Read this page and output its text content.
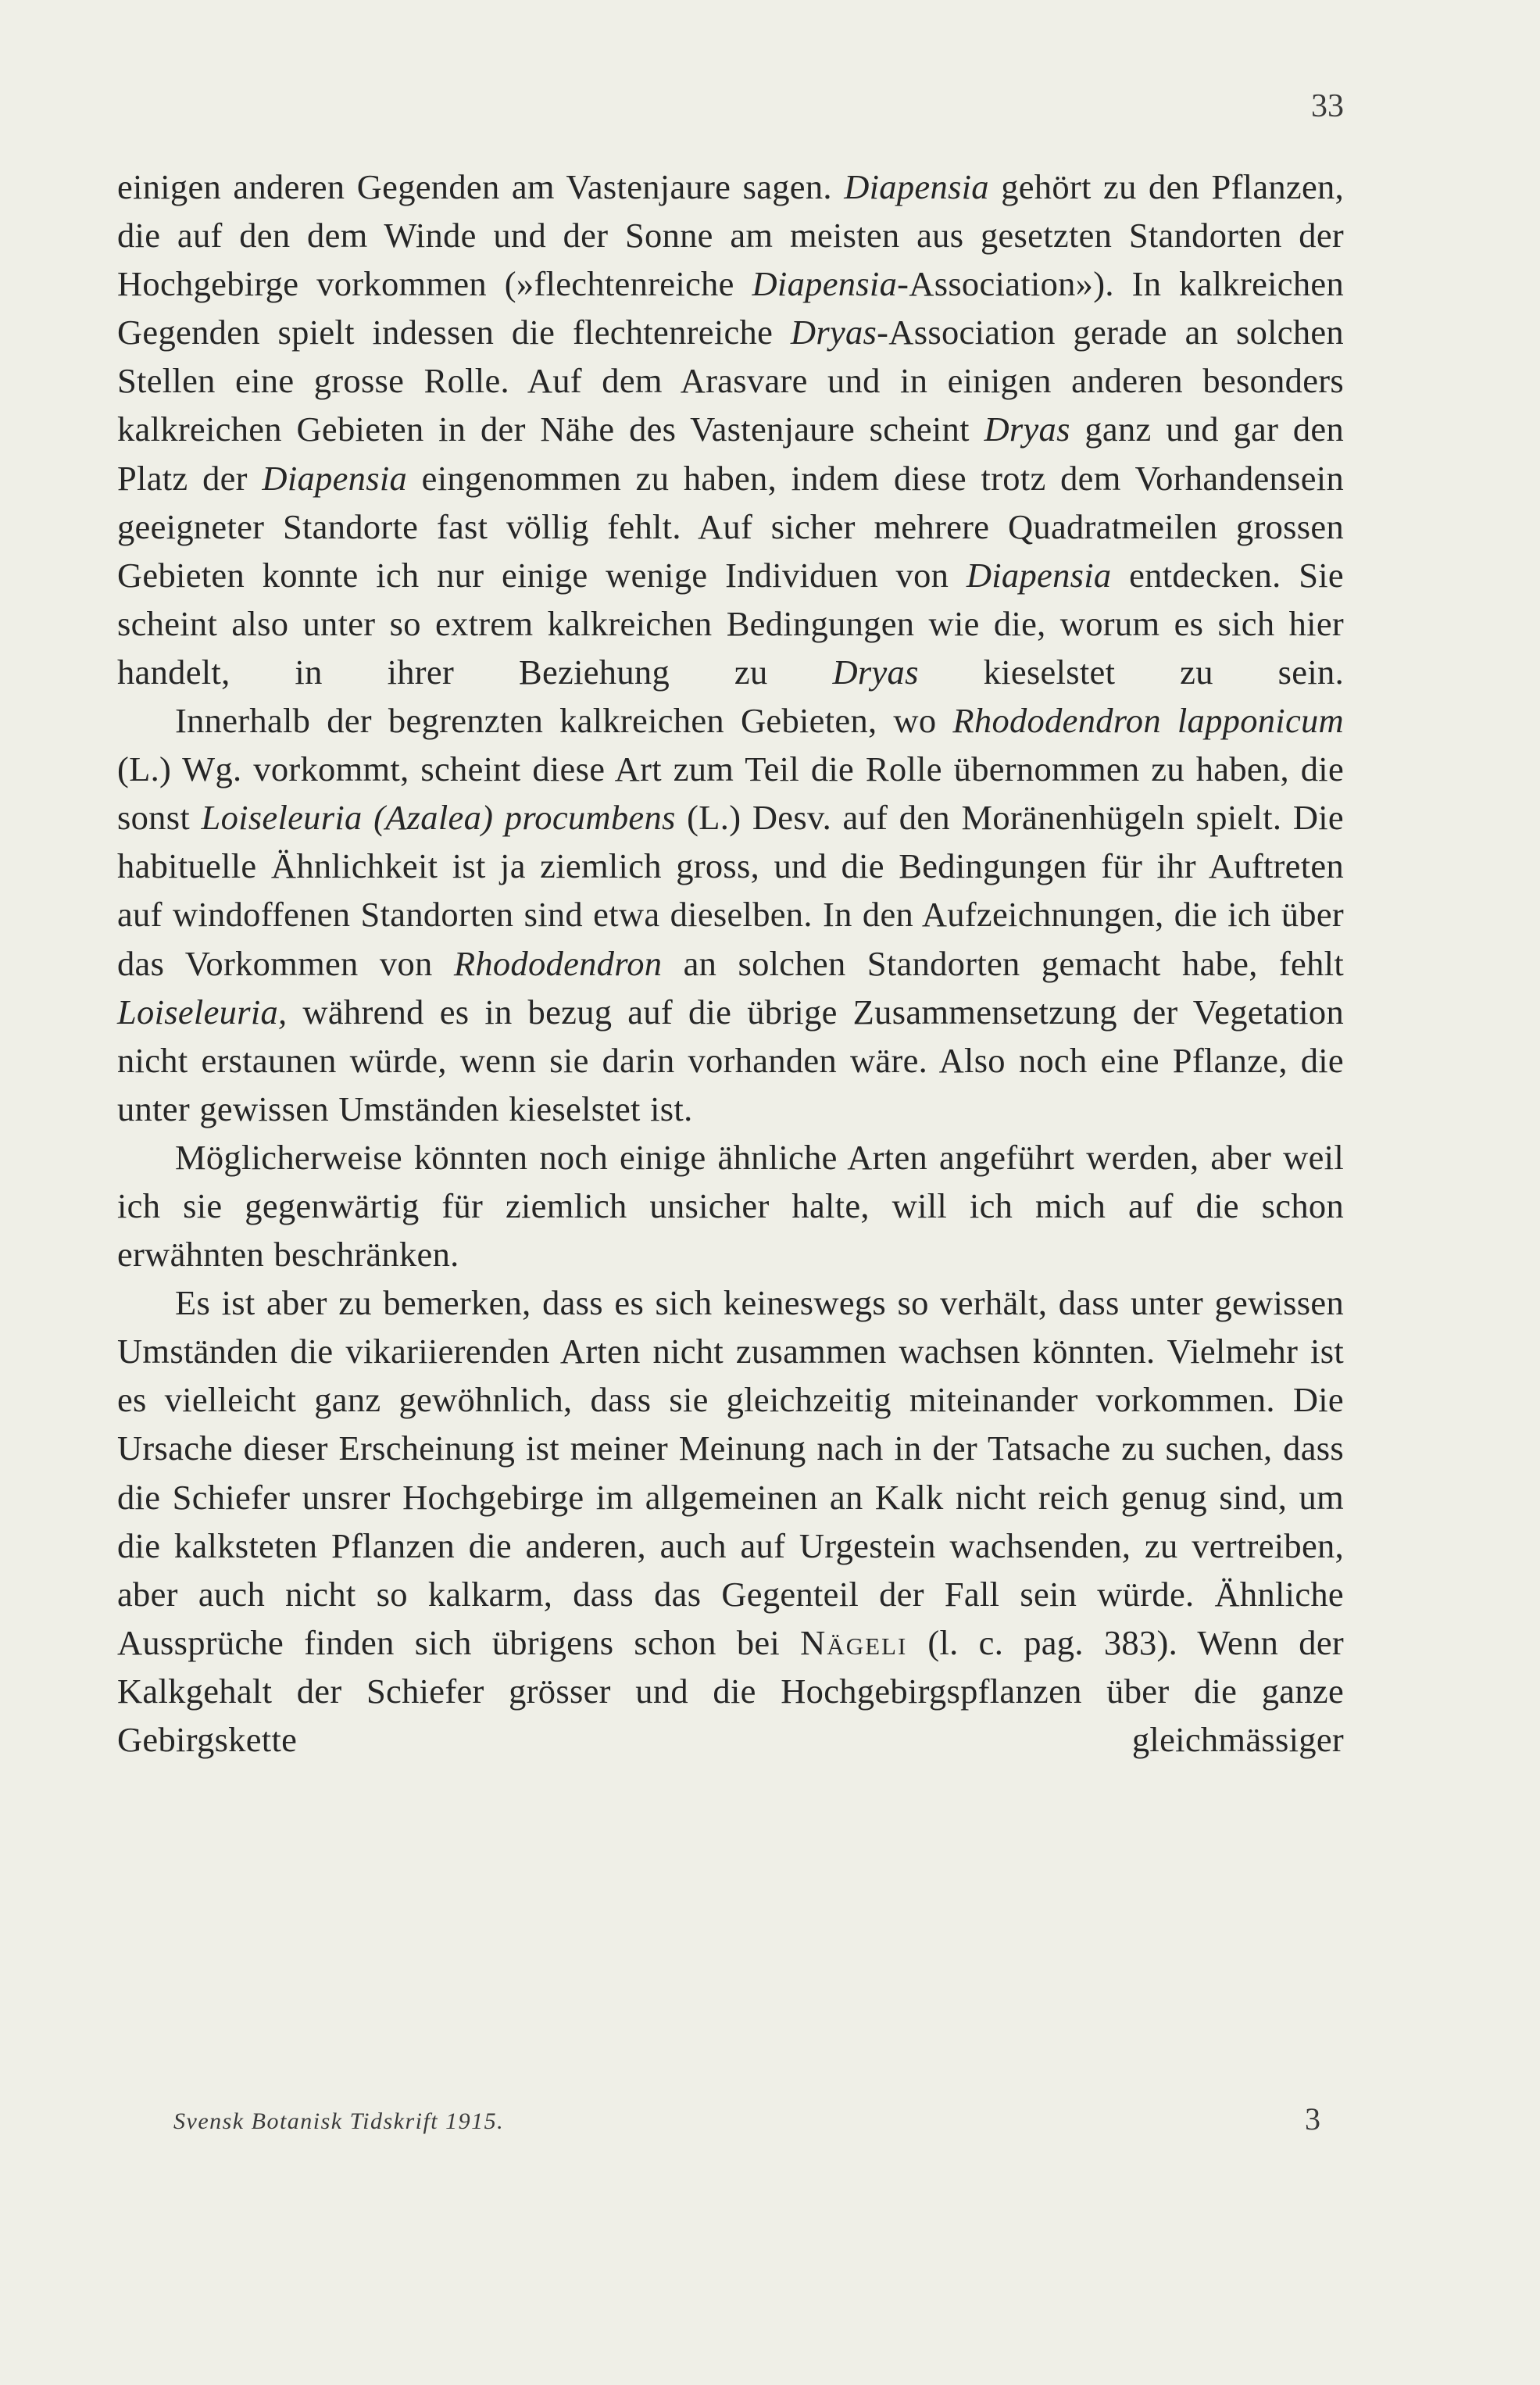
33

einigen anderen Gegenden am Vastenjaure sagen. Diapensia gehört zu den Pflanzen, die auf den dem Winde und der Sonne am meisten aus gesetzten Standorten der Hochgebirge vorkommen (»flechtenreiche Diapensia-Association»). In kalkreichen Gegenden spielt indessen die flechtenreiche Dryas-Association gerade an solchen Stellen eine grosse Rolle. Auf dem Arasvare und in einigen anderen besonders kalkreichen Gebieten in der Nähe des Vastenjaure scheint Dryas ganz und gar den Platz der Diapensia eingenommen zu haben, indem diese trotz dem Vorhandensein geeigneter Standorte fast völlig fehlt. Auf sicher mehrere Quadratmeilen grossen Gebieten konnte ich nur einige wenige Individuen von Diapensia entdecken. Sie scheint also unter so extrem kalkreichen Bedingungen wie die, worum es sich hier handelt, in ihrer Beziehung zu Dryas kieselstet zu sein.

Innerhalb der begrenzten kalkreichen Gebieten, wo Rhododendron lapponicum (L.) Wg. vorkommt, scheint diese Art zum Teil die Rolle übernommen zu haben, die sonst Loiseleuria (Azalea) procumbens (L.) Desv. auf den Moränenhügeln spielt. Die habituelle Ähnlichkeit ist ja ziemlich gross, und die Bedingungen für ihr Auftreten auf windoffenen Standorten sind etwa dieselben. In den Aufzeichnungen, die ich über das Vorkommen von Rhododendron an solchen Standorten gemacht habe, fehlt Loiseleuria, während es in bezug auf die übrige Zusammensetzung der Vegetation nicht erstaunen würde, wenn sie darin vorhanden wäre. Also noch eine Pflanze, die unter gewissen Umständen kieselstet ist.

Möglicherweise könnten noch einige ähnliche Arten angeführt werden, aber weil ich sie gegenwärtig für ziemlich unsicher halte, will ich mich auf die schon erwähnten beschränken.

Es ist aber zu bemerken, dass es sich keineswegs so verhält, dass unter gewissen Umständen die vikariierenden Arten nicht zusammen wachsen könnten. Vielmehr ist es vielleicht ganz gewöhnlich, dass sie gleichzeitig miteinander vorkommen. Die Ursache dieser Erscheinung ist meiner Meinung nach in der Tatsache zu suchen, dass die Schiefer unsrer Hochgebirge im allgemeinen an Kalk nicht reich genug sind, um die kalksteten Pflanzen die anderen, auch auf Urgestein wachsenden, zu vertreiben, aber auch nicht so kalkarm, dass das Gegenteil der Fall sein würde. Ähnliche Aussprüche finden sich übrigens schon bei Nägeli (l. c. pag. 383). Wenn der Kalkgehalt der Schiefer grösser und die Hochgebirgspflanzen über die ganze Gebirgskette gleichmässiger

Svensk Botanisk Tidskrift 1915.	3
